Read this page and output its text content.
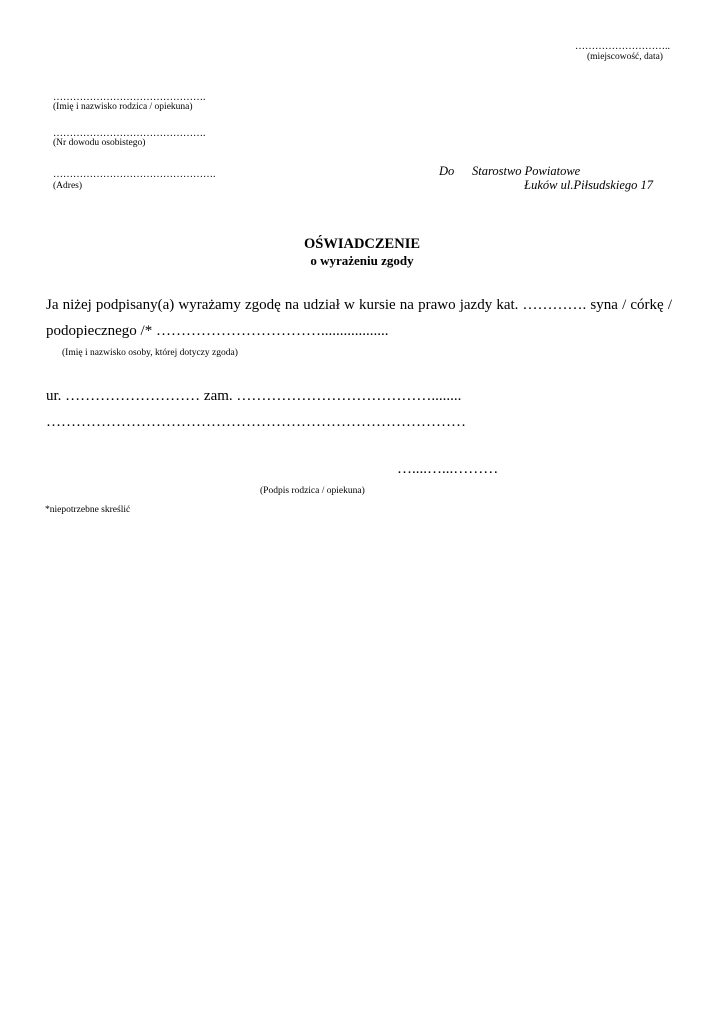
………………………..
(miejscowość, data)
……………………………………….
(Imię i nazwisko rodzica / opiekuna)
……………………………………….
(Nr dowodu osobistego)
………………………………………….
(Adres)
Do Starostwo Powiatowe
Łuków ul.Piłsudskiego 17
OŚWIADCZENIE
o wyrażeniu zgody
Ja niżej podpisany(a) wyrażamy zgodę na udział w kursie na prawo jazdy kat. …………. syna / córkę /
podopiecznego /* ……………………………..................
(Imię i nazwisko osoby, której dotyczy zgoda)
ur. ……………………… zam. …………………………………........
…………………………………………………………………………
…....…...………
(Podpis rodzica / opiekuna)
*niepotrzebne skreślić
